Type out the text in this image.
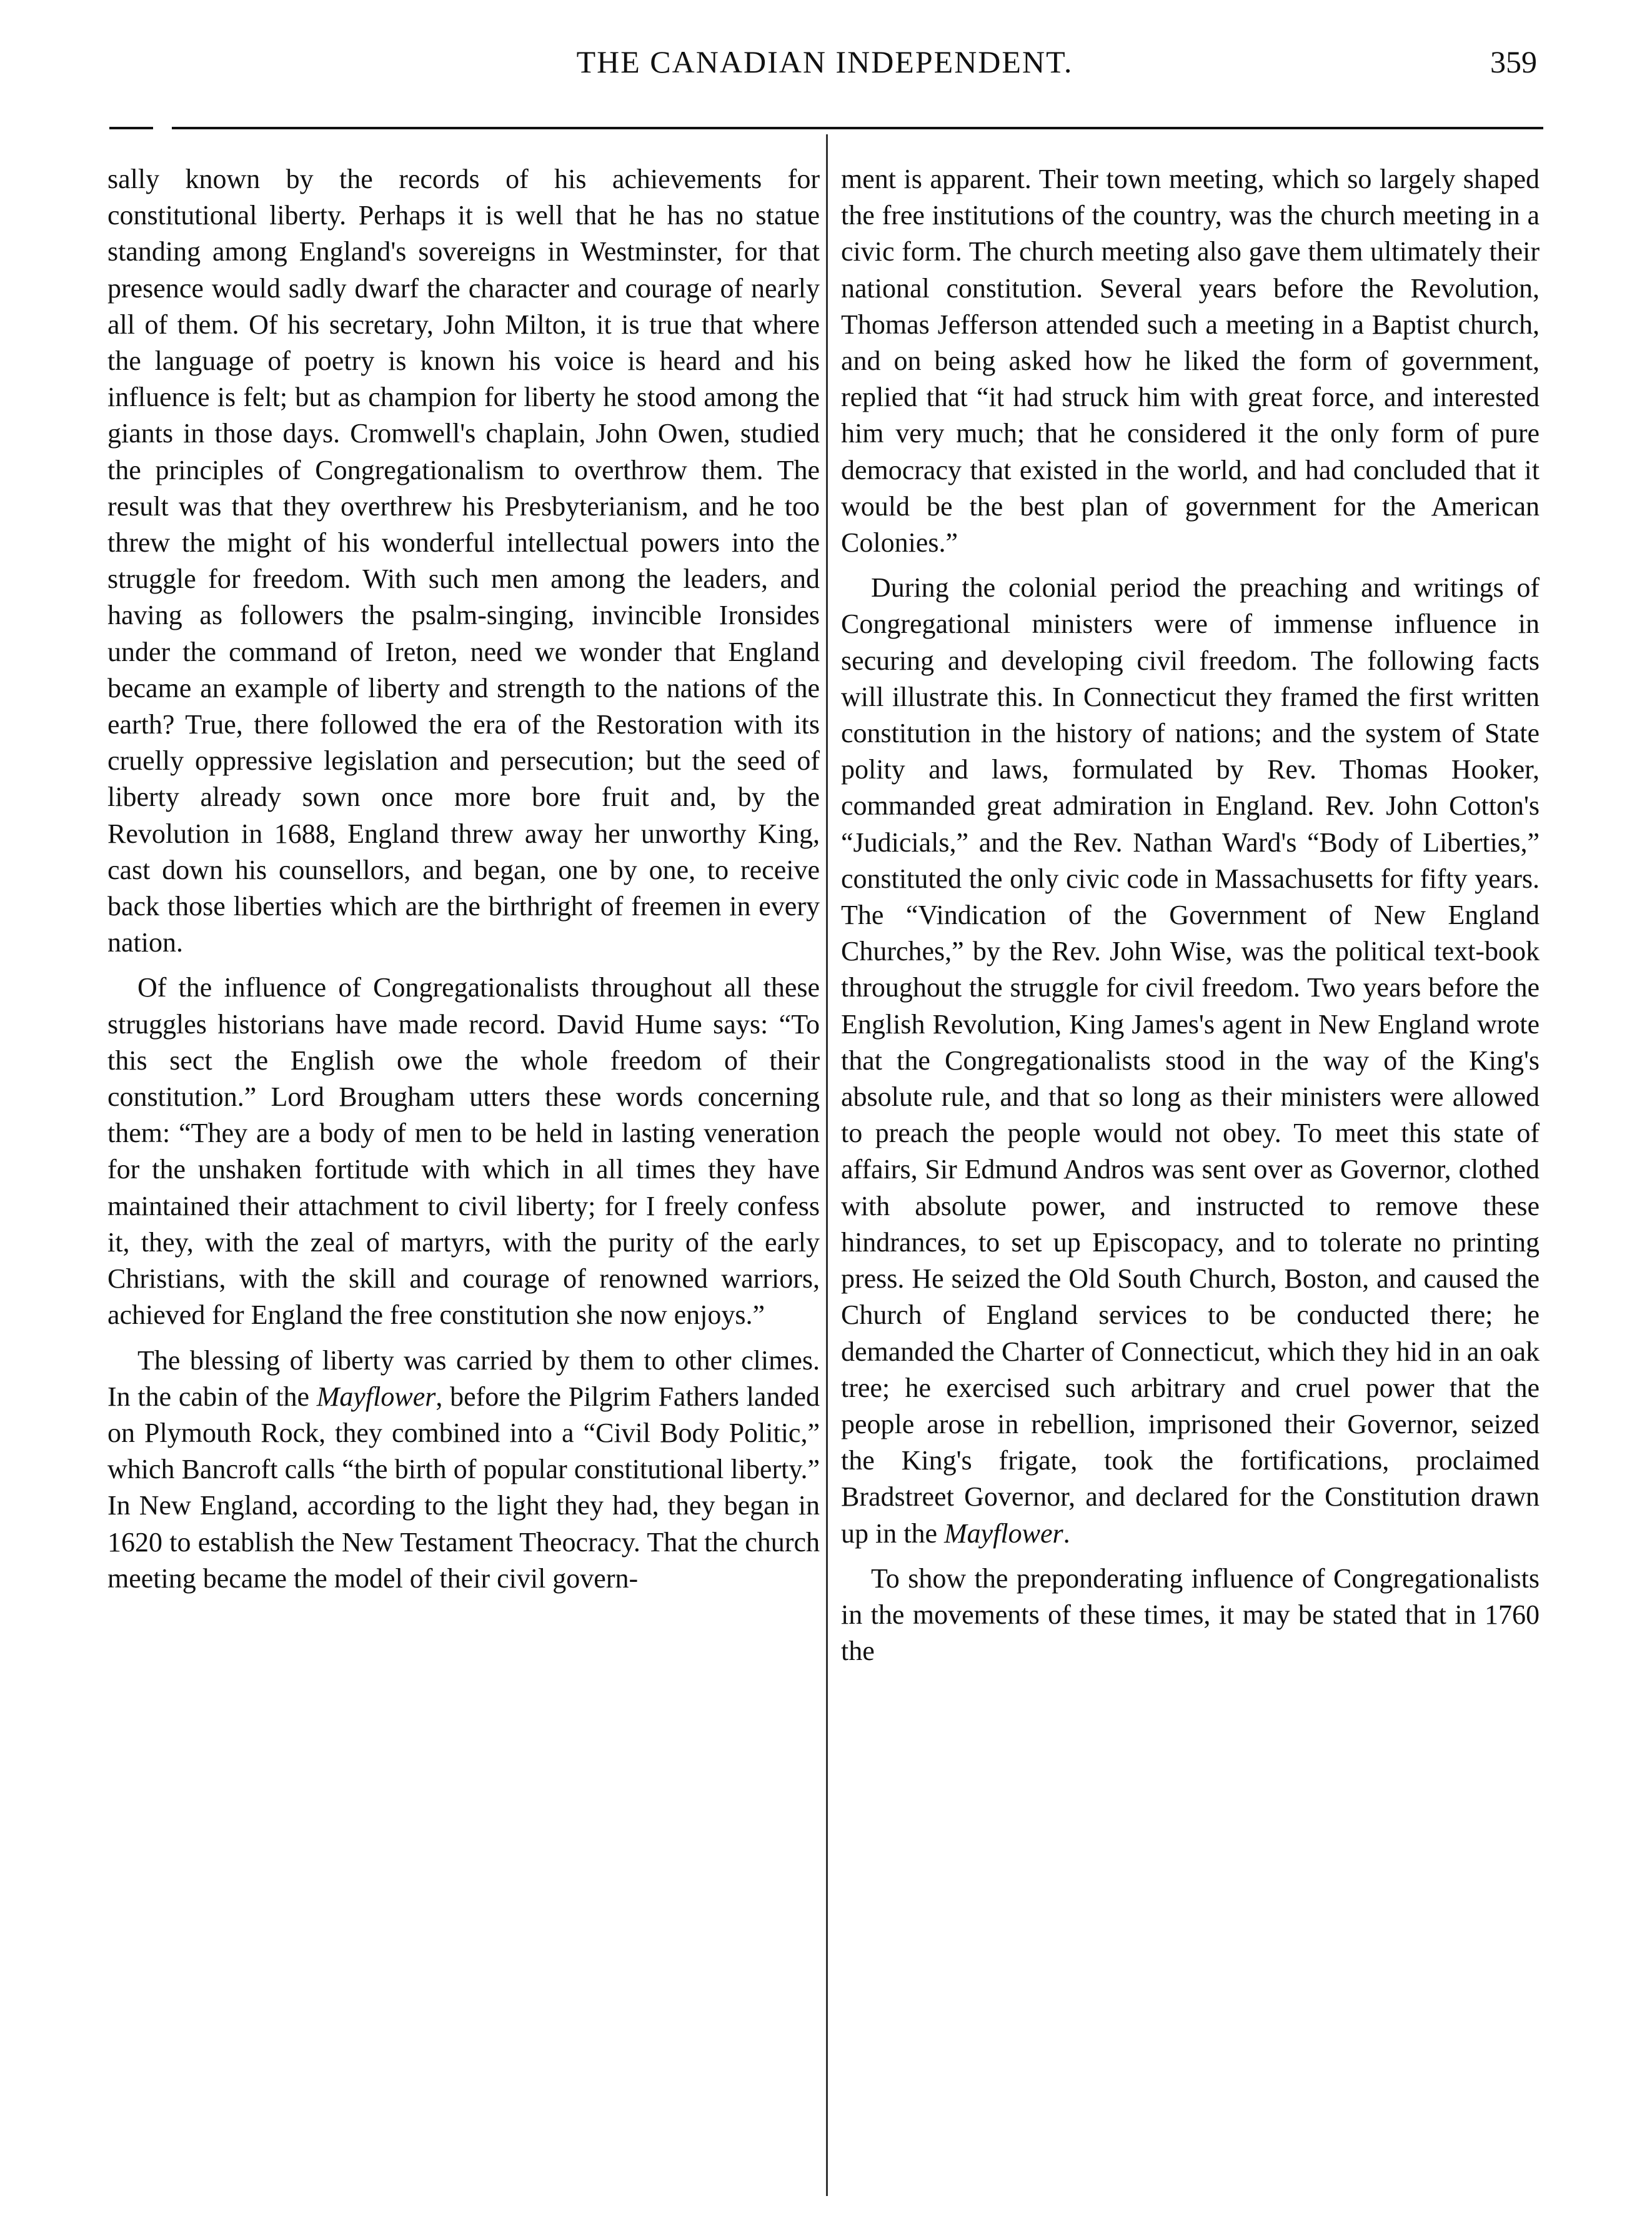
THE CANADIAN INDEPENDENT.	359

sally known by the records of his achievements for constitutional liberty. Perhaps it is well that he has no statue standing among England's sovereigns in Westminster, for that presence would sadly dwarf the character and courage of nearly all of them. Of his secretary, John Milton, it is true that where the language of poetry is known his voice is heard and his influence is felt; but as champion for liberty he stood among the giants in those days. Cromwell's chaplain, John Owen, studied the principles of Congregationalism to overthrow them. The result was that they overthrew his Presbyterianism, and he too threw the might of his wonderful intellectual powers into the struggle for freedom. With such men among the leaders, and having as followers the psalm-singing, invincible Ironsides under the command of Ireton, need we wonder that England became an example of liberty and strength to the nations of the earth? True, there followed the era of the Restoration with its cruelly oppressive legislation and persecution; but the seed of liberty already sown once more bore fruit and, by the Revolution in 1688, England threw away her unworthy King, cast down his counsellors, and began, one by one, to receive back those liberties which are the birthright of freemen in every nation.

Of the influence of Congregationalists throughout all these struggles historians have made record. David Hume says: “To this sect the English owe the whole freedom of their constitution.” Lord Brougham utters these words concerning them: “They are a body of men to be held in lasting veneration for the unshaken fortitude with which in all times they have maintained their attachment to civil liberty; for I freely confess it, they, with the zeal of martyrs, with the purity of the early Christians, with the skill and courage of renowned warriors, achieved for England the free constitution she now enjoys.”

The blessing of liberty was carried by them to other climes. In the cabin of the Mayflower, before the Pilgrim Fathers landed on Plymouth Rock, they combined into a “Civil Body Politic,” which Bancroft calls “the birth of popular constitutional liberty.” In New England, according to the light they had, they began in 1620 to establish the New Testament Theocracy. That the church meeting became the model of their civil govern-

ment is apparent. Their town meeting, which so largely shaped the free institutions of the country, was the church meeting in a civic form. The church meeting also gave them ultimately their national constitution. Several years before the Revolution, Thomas Jefferson attended such a meeting in a Baptist church, and on being asked how he liked the form of government, replied that “it had struck him with great force, and interested him very much; that he considered it the only form of pure democracy that existed in the world, and had concluded that it would be the best plan of government for the American Colonies.”

During the colonial period the preaching and writings of Congregational ministers were of immense influence in securing and developing civil freedom. The following facts will illustrate this. In Connecticut they framed the first written constitution in the history of nations; and the system of State polity and laws, formulated by Rev. Thomas Hooker, commanded great admiration in England. Rev. John Cotton's “Judicials,” and the Rev. Nathan Ward's “Body of Liberties,” constituted the only civic code in Massachusetts for fifty years. The “Vindication of the Government of New England Churches,” by the Rev. John Wise, was the political text-book throughout the struggle for civil freedom. Two years before the English Revolution, King James's agent in New England wrote that the Congregationalists stood in the way of the King's absolute rule, and that so long as their ministers were allowed to preach the people would not obey. To meet this state of affairs, Sir Edmund Andros was sent over as Governor, clothed with absolute power, and instructed to remove these hindrances, to set up Episcopacy, and to tolerate no printing press. He seized the Old South Church, Boston, and caused the Church of England services to be conducted there; he demanded the Charter of Connecticut, which they hid in an oak tree; he exercised such arbitrary and cruel power that the people arose in rebellion, imprisoned their Governor, seized the King's frigate, took the fortifications, proclaimed Bradstreet Governor, and declared for the Constitution drawn up in the Mayflower.

To show the preponderating influence of Congregationalists in the movements of these times, it may be stated that in 1760 the
